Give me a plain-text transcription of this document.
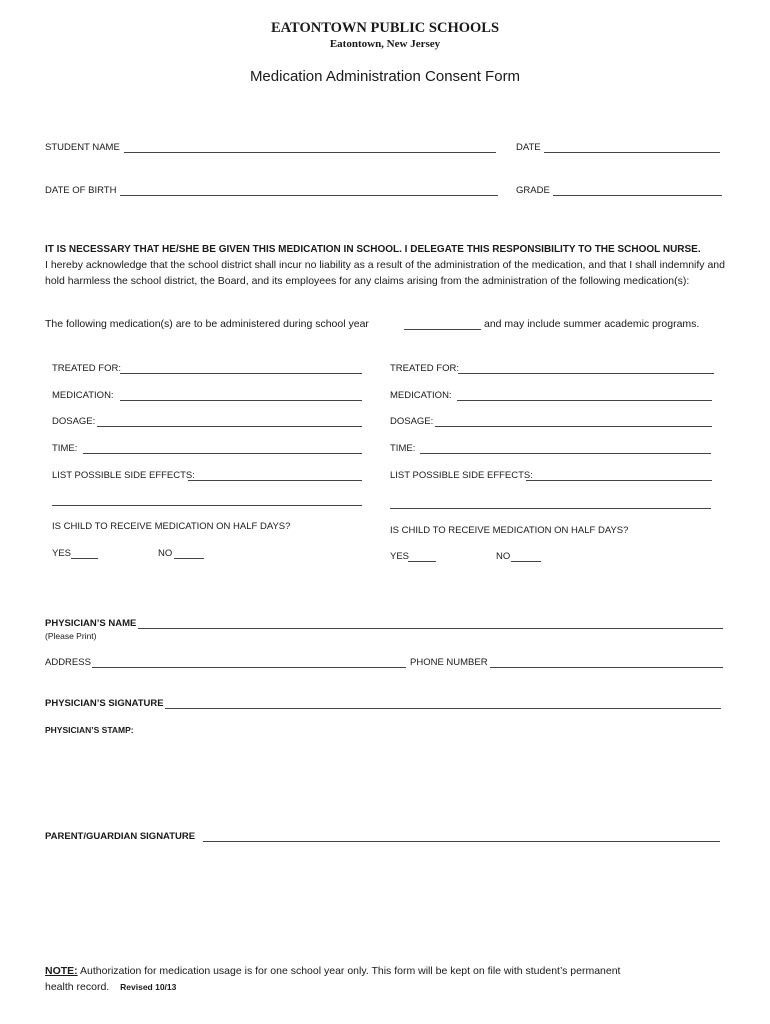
EATONTOWN PUBLIC SCHOOLS
Eatontown, New Jersey
Medication Administration Consent Form
STUDENT NAME	DATE
DATE OF BIRTH	GRADE
IT IS NECESSARY THAT HE/SHE BE GIVEN THIS MEDICATION IN SCHOOL. I DELEGATE THIS RESPONSIBILITY TO THE SCHOOL NURSE.
I hereby acknowledge that the school district shall incur no liability as a result of the administration of the medication, and that I shall indemnify and hold harmless the school district, the Board, and its employees for any claims arising from the administration of the following medication(s):
The following medication(s) are to be administered during school year	and may include summer academic programs.
TREATED FOR:
MEDICATION:
DOSAGE:
TIME:
LIST POSSIBLE SIDE EFFECTS:
IS CHILD TO RECEIVE MEDICATION ON HALF DAYS?
YES	NO
TREATED FOR:
MEDICATION:
DOSAGE:
TIME:
LIST POSSIBLE SIDE EFFECTS:
IS CHILD TO RECEIVE MEDICATION ON HALF DAYS?
YES	NO
PHYSICIAN’S NAME
(Please Print)
ADDRESS	PHONE NUMBER
PHYSICIAN’S SIGNATURE
PHYSICIAN’S STAMP:
PARENT/GUARDIAN SIGNATURE
NOTE: Authorization for medication usage is for one school year only. This form will be kept on file with student’s permanent
health record. Revised 10/13
